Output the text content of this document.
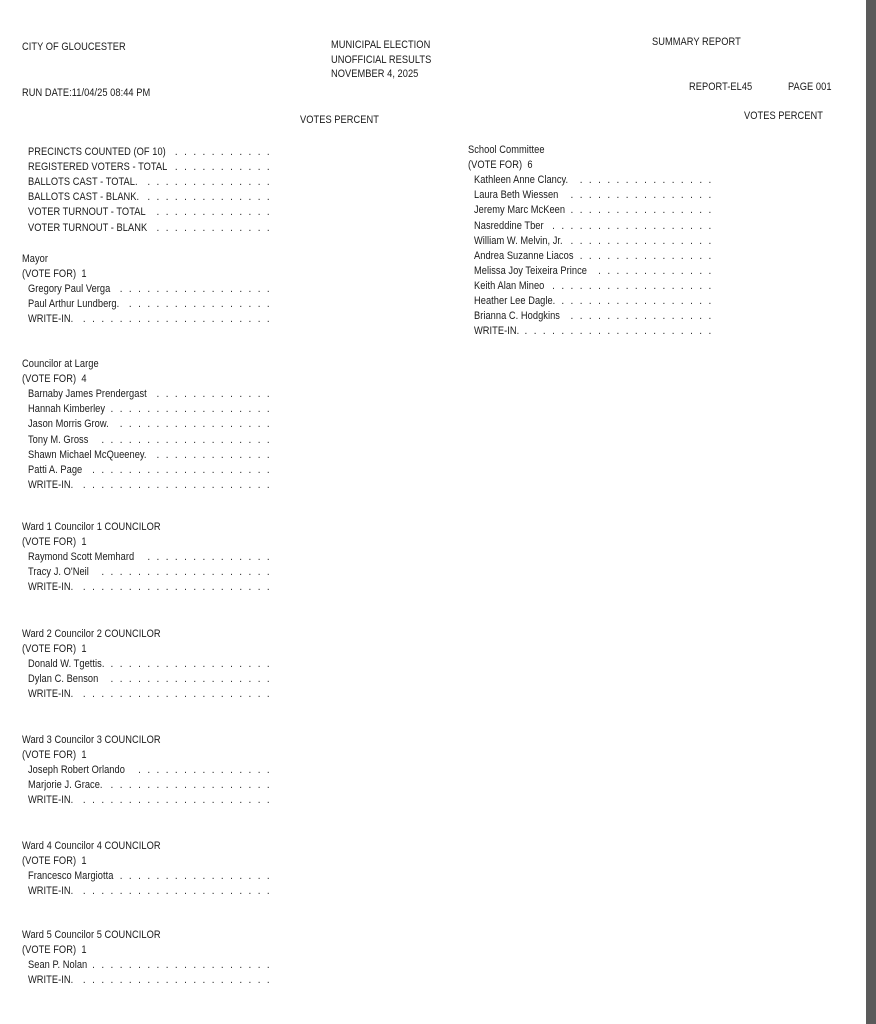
CITY OF GLOUCESTER	MUNICIPAL ELECTION
UNOFFICIAL RESULTS
NOVEMBER 4, 2025
SUMMARY REPORT
RUN DATE:11/04/25 08:44 PM	REPORT-EL45	PAGE 001
VOTES PERCENT	VOTES PERCENT
PRECINCTS COUNTED (OF 10) ...........
REGISTERED VOTERS - TOTAL ...........
BALLOTS CAST - TOTAL. ..............
BALLOTS CAST - BLANK. ..............
VOTER TURNOUT - TOTAL .............
VOTER TURNOUT - BLANK .............
Mayor
(VOTE FOR)  1
Gregory Paul Verga .................
Paul Arthur Lundberg. ................
WRITE-IN. .....................
Councilor at Large
(VOTE FOR)  4
Barnaby James Prendergast .............
Hannah Kimberley ..................
Jason Morris Grow. .................
Tony M. Gross ...................
Shawn Michael McQueeney. .............
Patti A. Page ....................
WRITE-IN. .....................
Ward 1 Councilor 1 COUNCILOR
(VOTE FOR)  1
Raymond Scott Memhard ..............
Tracy J. O'Neil ...................
WRITE-IN. .....................
Ward 2 Councilor 2 COUNCILOR
(VOTE FOR)  1
Donald W. Tgettis. ..................
Dylan C. Benson ..................
WRITE-IN. .....................
Ward 3 Councilor 3 COUNCILOR
(VOTE FOR)  1
Joseph Robert Orlando ...............
Marjorie J. Grace. ..................
WRITE-IN. .....................
Ward 4 Councilor 4 COUNCILOR
(VOTE FOR)  1
Francesco Margiotta .................
WRITE-IN. .....................
Ward 5 Councilor 5 COUNCILOR
(VOTE FOR)  1
Sean P. Nolan ....................
WRITE-IN. .....................
School Committee
(VOTE FOR)  6
Kathleen Anne Clancy. ...............
Laura Beth Wiessen ................
Jeremy Marc McKeen ................
Nasreddine Tber ..................
William W. Melvin, Jr. ................
Andrea Suzanne Liacos ...............
Melissa Joy Teixeira Prince .............
Keith Alan Mineo ..................
Heather Lee Dagle. .................
Brianna C. Hodgkins ................
WRITE-IN. .....................
